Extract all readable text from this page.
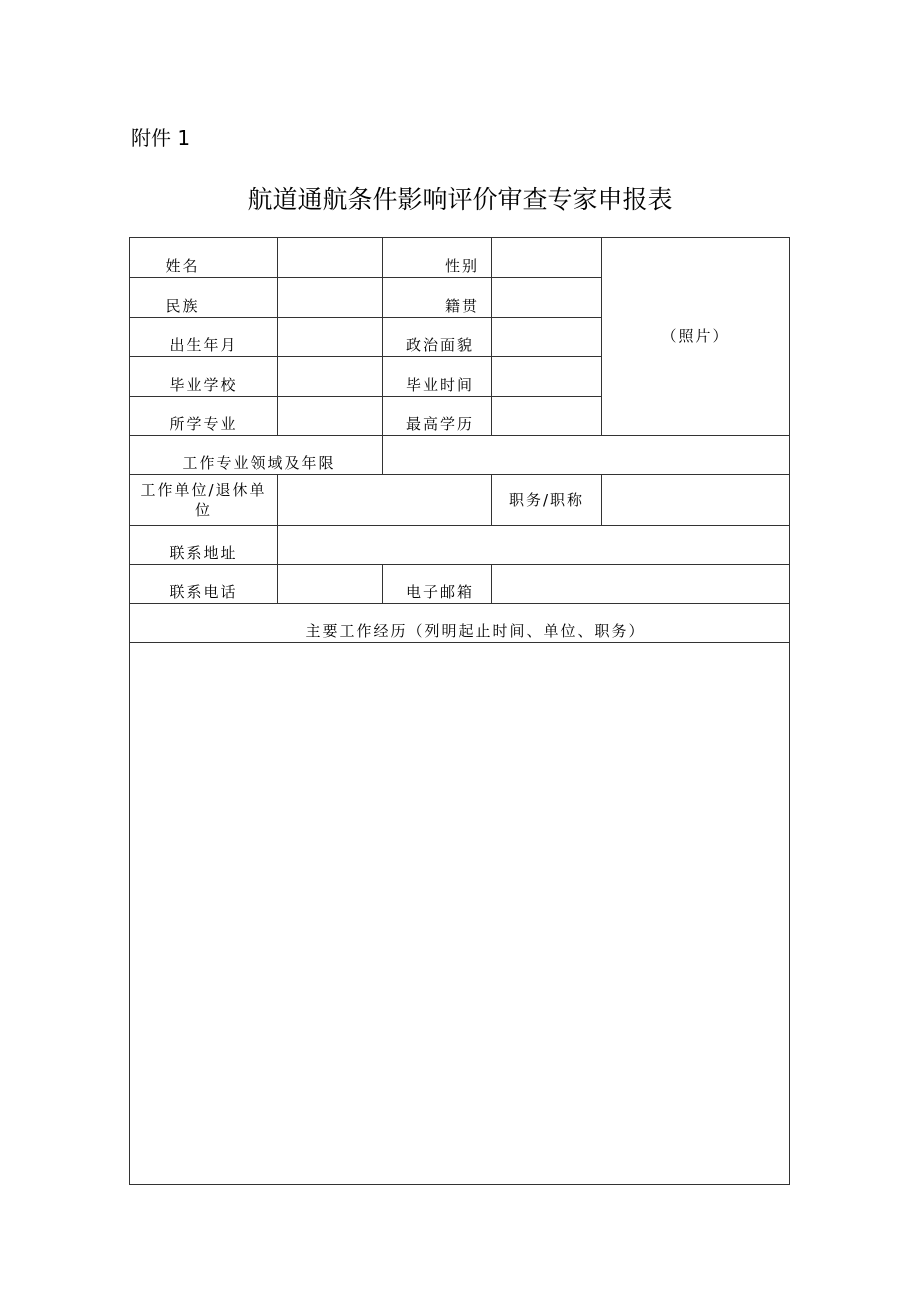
附件 1
航道通航条件影响评价审查专家申报表
姓名	性别
（照片）
民族	籍贯
出生年月	政治面貌
毕业学校	毕业时间
所学专业	最高学历
工作专业领域及年限
工作单位/退休单
位
职务/职称
联系地址
联系电话	电子邮箱
主要工作经历（列明起止时间、单位、职务）
